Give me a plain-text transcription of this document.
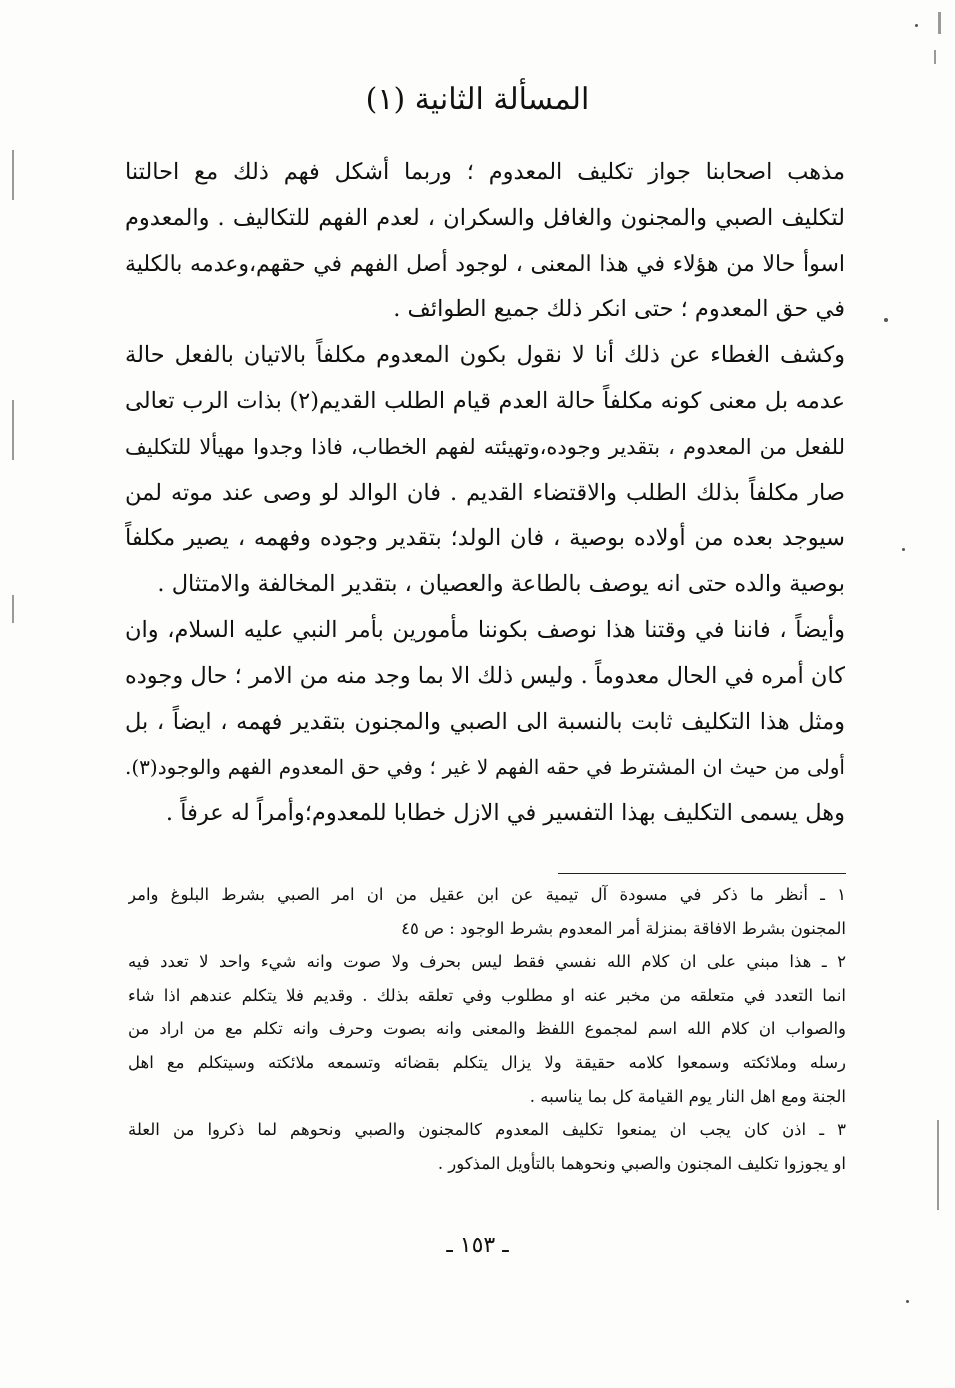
المسألة الثانية (١)
مذهب اصحابنا جواز تكليف المعدوم ؛ وربما أشكل فهم ذلك مع احالتنا
لتكليف الصبي والمجنون والغافل والسكران ، لعدم الفهم للتكاليف . والمعدوم
اسوأ حالا من هؤلاء في هذا المعنى ، لوجود أصل الفهم في حقهم،وعدمه بالكلية
في حق المعدوم ؛ حتى انكر ذلك جميع الطوائف .
وكشف الغطاء عن ذلك أنا لا نقول بكون المعدوم مكلفاً بالاتيان بالفعل حالة
عدمه بل معنى كونه مكلفاً حالة العدم قيام الطلب القديم(٢) بذات الرب تعالى
للفعل من المعدوم ، بتقدير وجوده،وتهيئته لفهم الخطاب، فاذا وجدوا مهيألا للتكليف
صار مكلفاً بذلك الطلب والاقتضاء القديم . فان الوالد لو وصى عند موته لمن
سيوجد بعده من أولاده بوصية ، فان الولد؛ بتقدير وجوده وفهمه ، يصير مكلفاً
بوصية والده حتى انه يوصف بالطاعة والعصيان ، بتقدير المخالفة والامتثال .
وأيضاً ، فاننا في وقتنا هذا نوصف بكوننا مأمورين بأمر النبي عليه السلام، وان
كان أمره في الحال معدوماً . وليس ذلك الا بما وجد منه من الامر ؛ حال وجوده
ومثل هذا التكليف ثابت بالنسبة الى الصبي والمجنون بتقدير فهمه ، ايضاً ، بل
أولى من حيث ان المشترط في حقه الفهم لا غير ؛ وفي حق المعدوم الفهم والوجود(٣).
وهل يسمى التكليف بهذا التفسير في الازل خطابا للمعدوم؛وأمراً له عرفاً .
١ ـ أنظر ما ذكر في مسودة آل تيمية عن ابن عقيل من ان امر الصبي بشرط البلوغ وامر
المجنون بشرط الافاقة بمنزلة أمر المعدوم بشرط الوجود : ص ٤٥
٢ ـ هذا مبني على ان كلام الله نفسي فقط ليس بحرف ولا صوت وانه شيء واحد لا تعدد فيه
انما التعدد في متعلقه من مخبر عنه او مطلوب وفي تعلقه بذلك . وقديم فلا يتكلم عندهم اذا شاء
والصواب ان كلام الله اسم لمجموع اللفظ والمعنى وانه بصوت وحرف وانه تكلم مع من اراد من
رسله وملائكته وسمعوا كلامه حقيقة ولا يزال يتكلم بقضائه وتسمعه ملائكته وسيتكلم مع اهل
الجنة ومع اهل النار يوم القيامة كل بما يناسبه .
٣ ـ اذن كان يجب ان يمنعوا تكليف المعدوم كالمجنون والصبي ونحوهم لما ذكروا من العلة
او يجوزوا تكليف المجنون والصبي ونحوهما بالتأويل المذكور .
ـ ١٥٣ ـ
